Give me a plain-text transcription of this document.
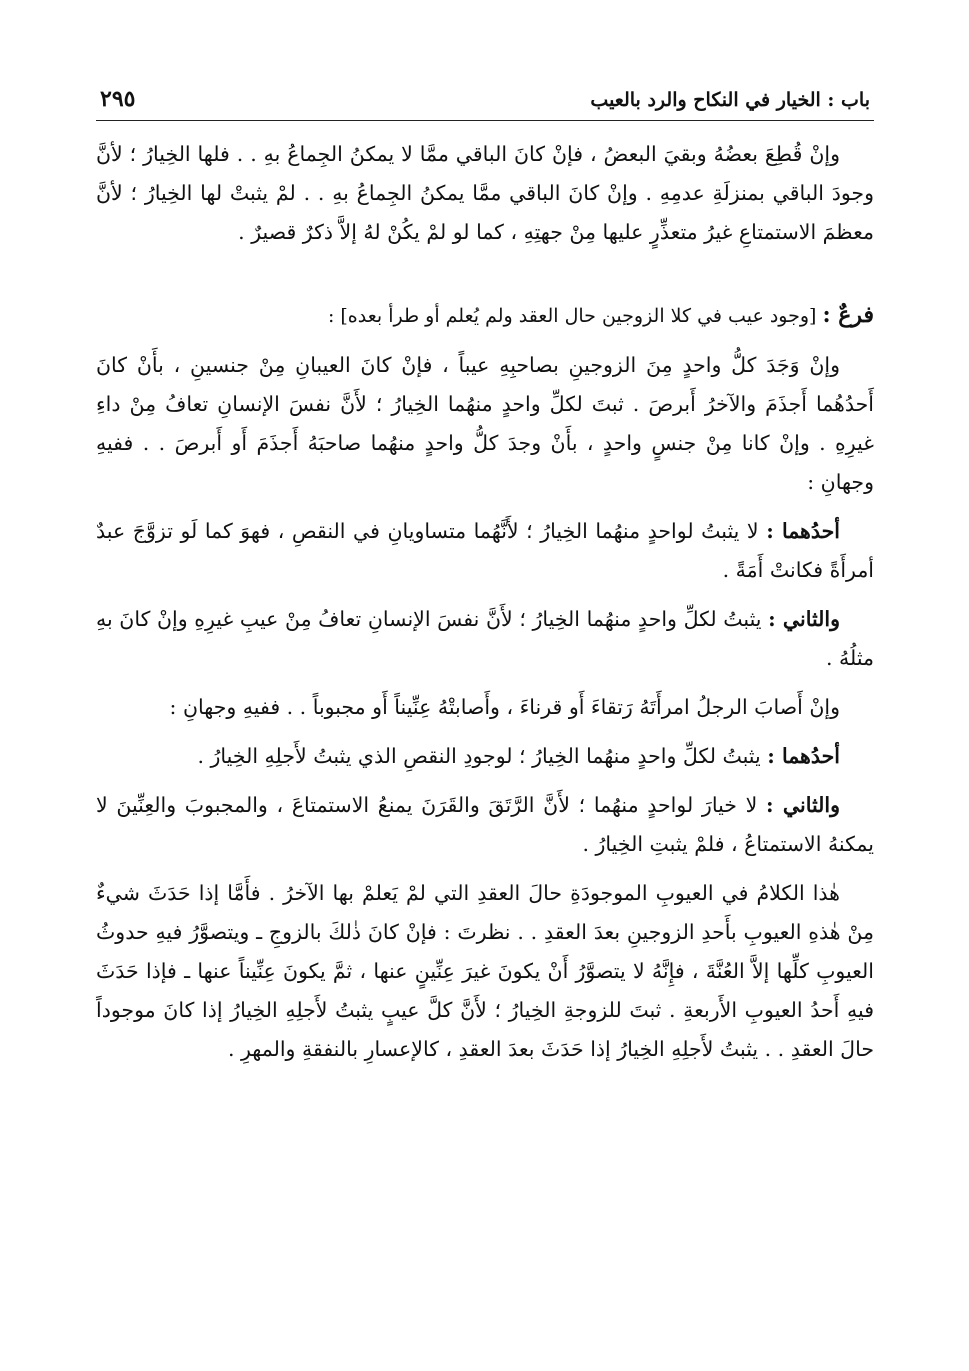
باب : الخيار في النكاح والرد بالعيب
٢٩٥

وإنْ قُطِعَ بعضُهُ وبقيَ البعضُ ، فإنْ كانَ الباقي ممَّا لا يمكنُ الجِماعُ بهِ . . فلها الخِيارُ ؛ لأنَّ وجودَ الباقي بمنزلَةِ عدمِهِ . وإنْ كانَ الباقي ممَّا يمكنُ الجِماعُ بهِ . . لمْ يثبتْ لها الخِيارُ ؛ لأنَّ معظمَ الاستمتاعِ غيرُ متعذِّرٍ عليها مِنْ جهتِهِ ، كما لو لمْ يكُنْ لهُ إلاَّ ذكرٌ قصيرٌ .

فرعٌ :[وجود عيب في كلا الزوجين حال العقد ولم يُعلم أو طرأ بعده] :

وإنْ وَجَدَ كلُّ واحدٍ مِنَ الزوجينِ بصاحبِهِ عيباً ، فإنْ كانَ العيبانِ مِنْ جنسينِ ، بأَنْ كانَ أَحدُهُما أَجذَمَ والآخرُ أَبرصَ . ثبتَ لكلِّ واحدٍ منهُما الخِيارُ ؛ لأَنَّ نفسَ الإنسانِ تعافُ مِنْ داءِ غيرِهِ . وإنْ كانا مِنْ جنسٍ واحدٍ ، بأَنْ وجدَ كلُّ واحدٍ منهُما صاحبَهُ أَجذَمَ أَو أَبرصَ . . ففيهِ وجهانِ :

أحدُهما : لا يثبتُ لواحدٍ منهُما الخِيارُ ؛ لأَنَّهُما متساويانِ في النقصِ ، فهوَ كما لَو تزوَّجَ عبدٌ أمرأَةً فكانتْ أَمَةً .

والثاني : يثبتُ لكلِّ واحدٍ منهُما الخِيارُ ؛ لأَنَّ نفسَ الإنسانِ تعافُ مِنْ عيبِ غيرِهِ وإنْ كانَ بهِ مثلُهُ .

وإنْ أَصابَ الرجلُ امرأَتَهُ رَتقاءَ أَو قرناءَ ، وأَصابتْهُ عِنِّيناً أَو مجبوباً . . ففيهِ وجهانِ :

أحدُهما : يثبتُ لكلِّ واحدٍ منهُما الخِيارُ ؛ لوجودِ النقصِ الذي يثبتُ لأَجلِهِ الخِيارُ .

والثاني : لا خيارَ لواحدٍ منهُما ؛ لأَنَّ الرَّتَقَ والقَرَنَ يمنعُ الاستمتاعَ ، والمجبوبَ والعِنِّينَ لا يمكنهُ الاستمتاعُ ، فلمْ يثبتِ الخِيارُ .

هٰذا الكلامُ في العيوبِ الموجودَةِ حالَ العقدِ التي لمْ يَعلمْ بها الآخرُ . فأَمَّا إذا حَدَثَ شيءٌ مِنْ هٰذهِ العيوبِ بأَحدِ الزوجينِ بعدَ العقدِ . . نظرتَ : فإنْ كانَ ذٰلكَ بالزوجِ ـ ويتصوَّرُ فيهِ حدوثُ العيوبِ كلِّها إلاَّ العُنَّةَ ، فإِنَّهُ لا يتصوَّرُ أَنْ يكونَ غيرَ عِنِّينٍ عنها ، ثمَّ يكونَ عِنِّيناً عنها ـ فإذا حَدَثَ فيهِ أَحدُ العيوبِ الأَربعةِ . ثبتَ للزوجةِ الخِيارُ ؛ لأَنَّ كلَّ عيبٍ يثبتُ لأَجلِهِ الخِيارُ إذا كانَ موجوداً حالَ العقدِ . . يثبتُ لأَجلِهِ الخِيارُ إذا حَدَثَ بعدَ العقدِ ، كالإعسارِ بالنفقةِ والمهرِ .
